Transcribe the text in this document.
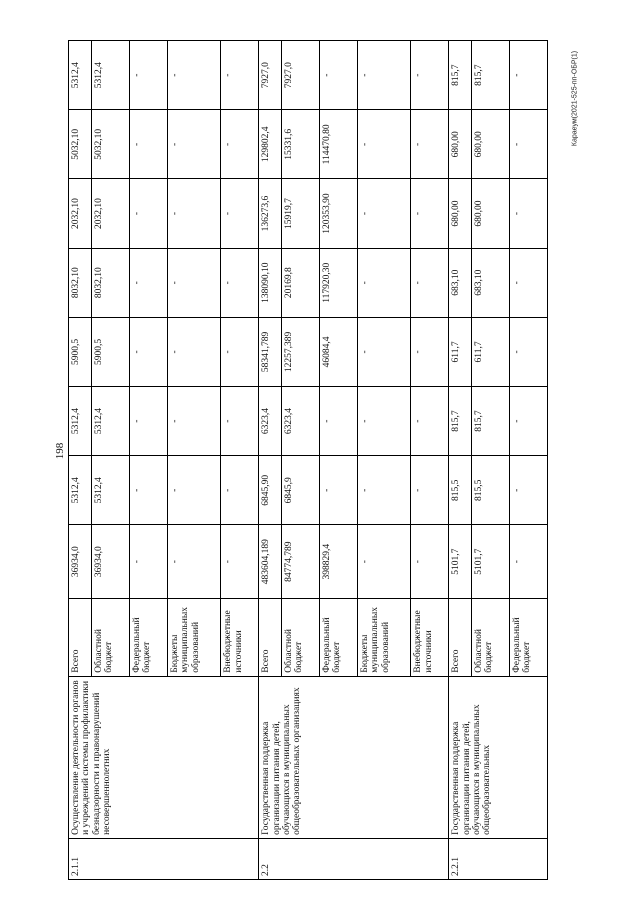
198
Караеум(2021-525-пп-ОБР(1)
2.1.1	Осуществление деятельности органов и учреждений системы профилактики безнадзорности и правонарушений несовершеннолетних	Всего	36934,0	5312,4	5312,4	5900,5	8032,10	2032,10	5032,10	5312,4
		Областной бюджет	36934,0	5312,4	5312,4	5900,5	8032,10	2032,10	5032,10	5312,4
		Федеральный бюджет	-	-	-	-	-	-	-	-
		Бюджеты муниципальных образований	-	-	-	-	-	-	-	-
		Внебюджетные источники	-	-	-	-	-	-	-	-
2.2	Государственная поддержка организации питания детей, обучающихся в муниципальных общеобразовательных организациях	Всего	483604,189	6845,90	6323,4	58341,789	138090,10	136273,6	129802,4	7927,0
		Областной бюджет	84774,789	6845,9	6323,4	12257,389	20169,8	15919,7	15331,6	7927,0
		Федеральный бюджет	398829,4	-	-	46084,4	117920,30	120353,90	114470,80	-
		Бюджеты муниципальных образований	-	-	-	-	-	-	-	-
		Внебюджетные источники	-	-	-	-	-	-	-	-
2.2.1	Государственная поддержка организации питания детей, обучающихся в муниципальных общеобразовательных	Всего	5101,7	815,5	815,7	611,7	683,10	680,00	680,00	815,7
		Областной бюджет	5101,7	815,5	815,7	611,7	683,10	680,00	680,00	815,7
		Федеральный бюджет	-	-	-	-	-	-	-	-
